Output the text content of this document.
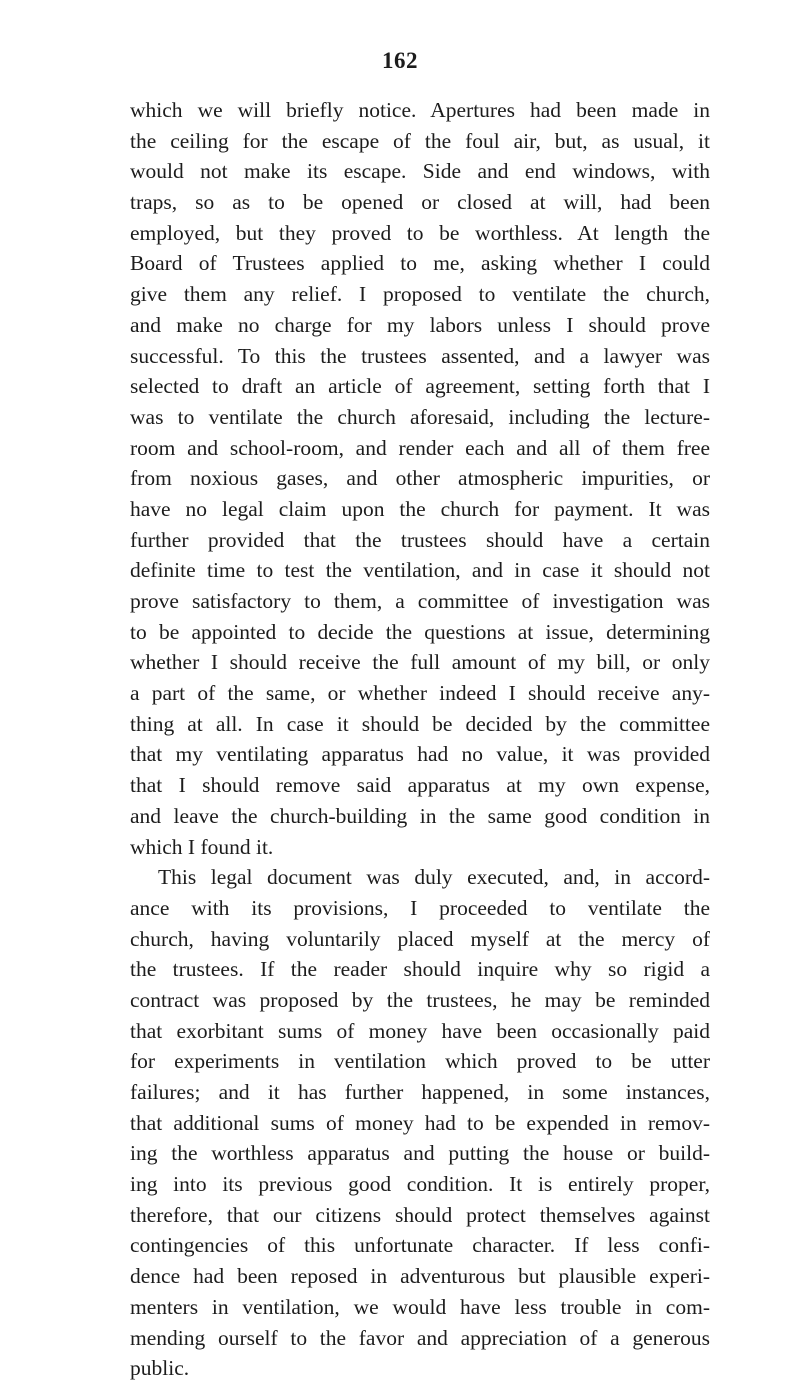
162
which we will briefly notice. Apertures had been made in
the ceiling for the escape of the foul air, but, as usual, it
would not make its escape. Side and end windows, with
traps, so as to be opened or closed at will, had been
employed, but they proved to be worthless. At length the
Board of Trustees applied to me, asking whether I could
give them any relief. I proposed to ventilate the church,
and make no charge for my labors unless I should prove
successful. To this the trustees assented, and a lawyer was
selected to draft an article of agreement, setting forth that I
was to ventilate the church aforesaid, including the lecture-
room and school-room, and render each and all of them free
from noxious gases, and other atmospheric impurities, or
have no legal claim upon the church for payment. It was
further provided that the trustees should have a certain
definite time to test the ventilation, and in case it should not
prove satisfactory to them, a committee of investigation was
to be appointed to decide the questions at issue, determining
whether I should receive the full amount of my bill, or only
a part of the same, or whether indeed I should receive any-
thing at all. In case it should be decided by the committee
that my ventilating apparatus had no value, it was provided
that I should remove said apparatus at my own expense,
and leave the church-building in the same good condition in
which I found it.
This legal document was duly executed, and, in accord-
ance with its provisions, I proceeded to ventilate the
church, having voluntarily placed myself at the mercy of
the trustees. If the reader should inquire why so rigid a
contract was proposed by the trustees, he may be reminded
that exorbitant sums of money have been occasionally paid
for experiments in ventilation which proved to be utter
failures; and it has further happened, in some instances,
that additional sums of money had to be expended in remov-
ing the worthless apparatus and putting the house or build-
ing into its previous good condition. It is entirely proper,
therefore, that our citizens should protect themselves against
contingencies of this unfortunate character. If less confi-
dence had been reposed in adventurous but plausible experi-
menters in ventilation, we would have less trouble in com-
mending ourself to the favor and appreciation of a generous
public.
